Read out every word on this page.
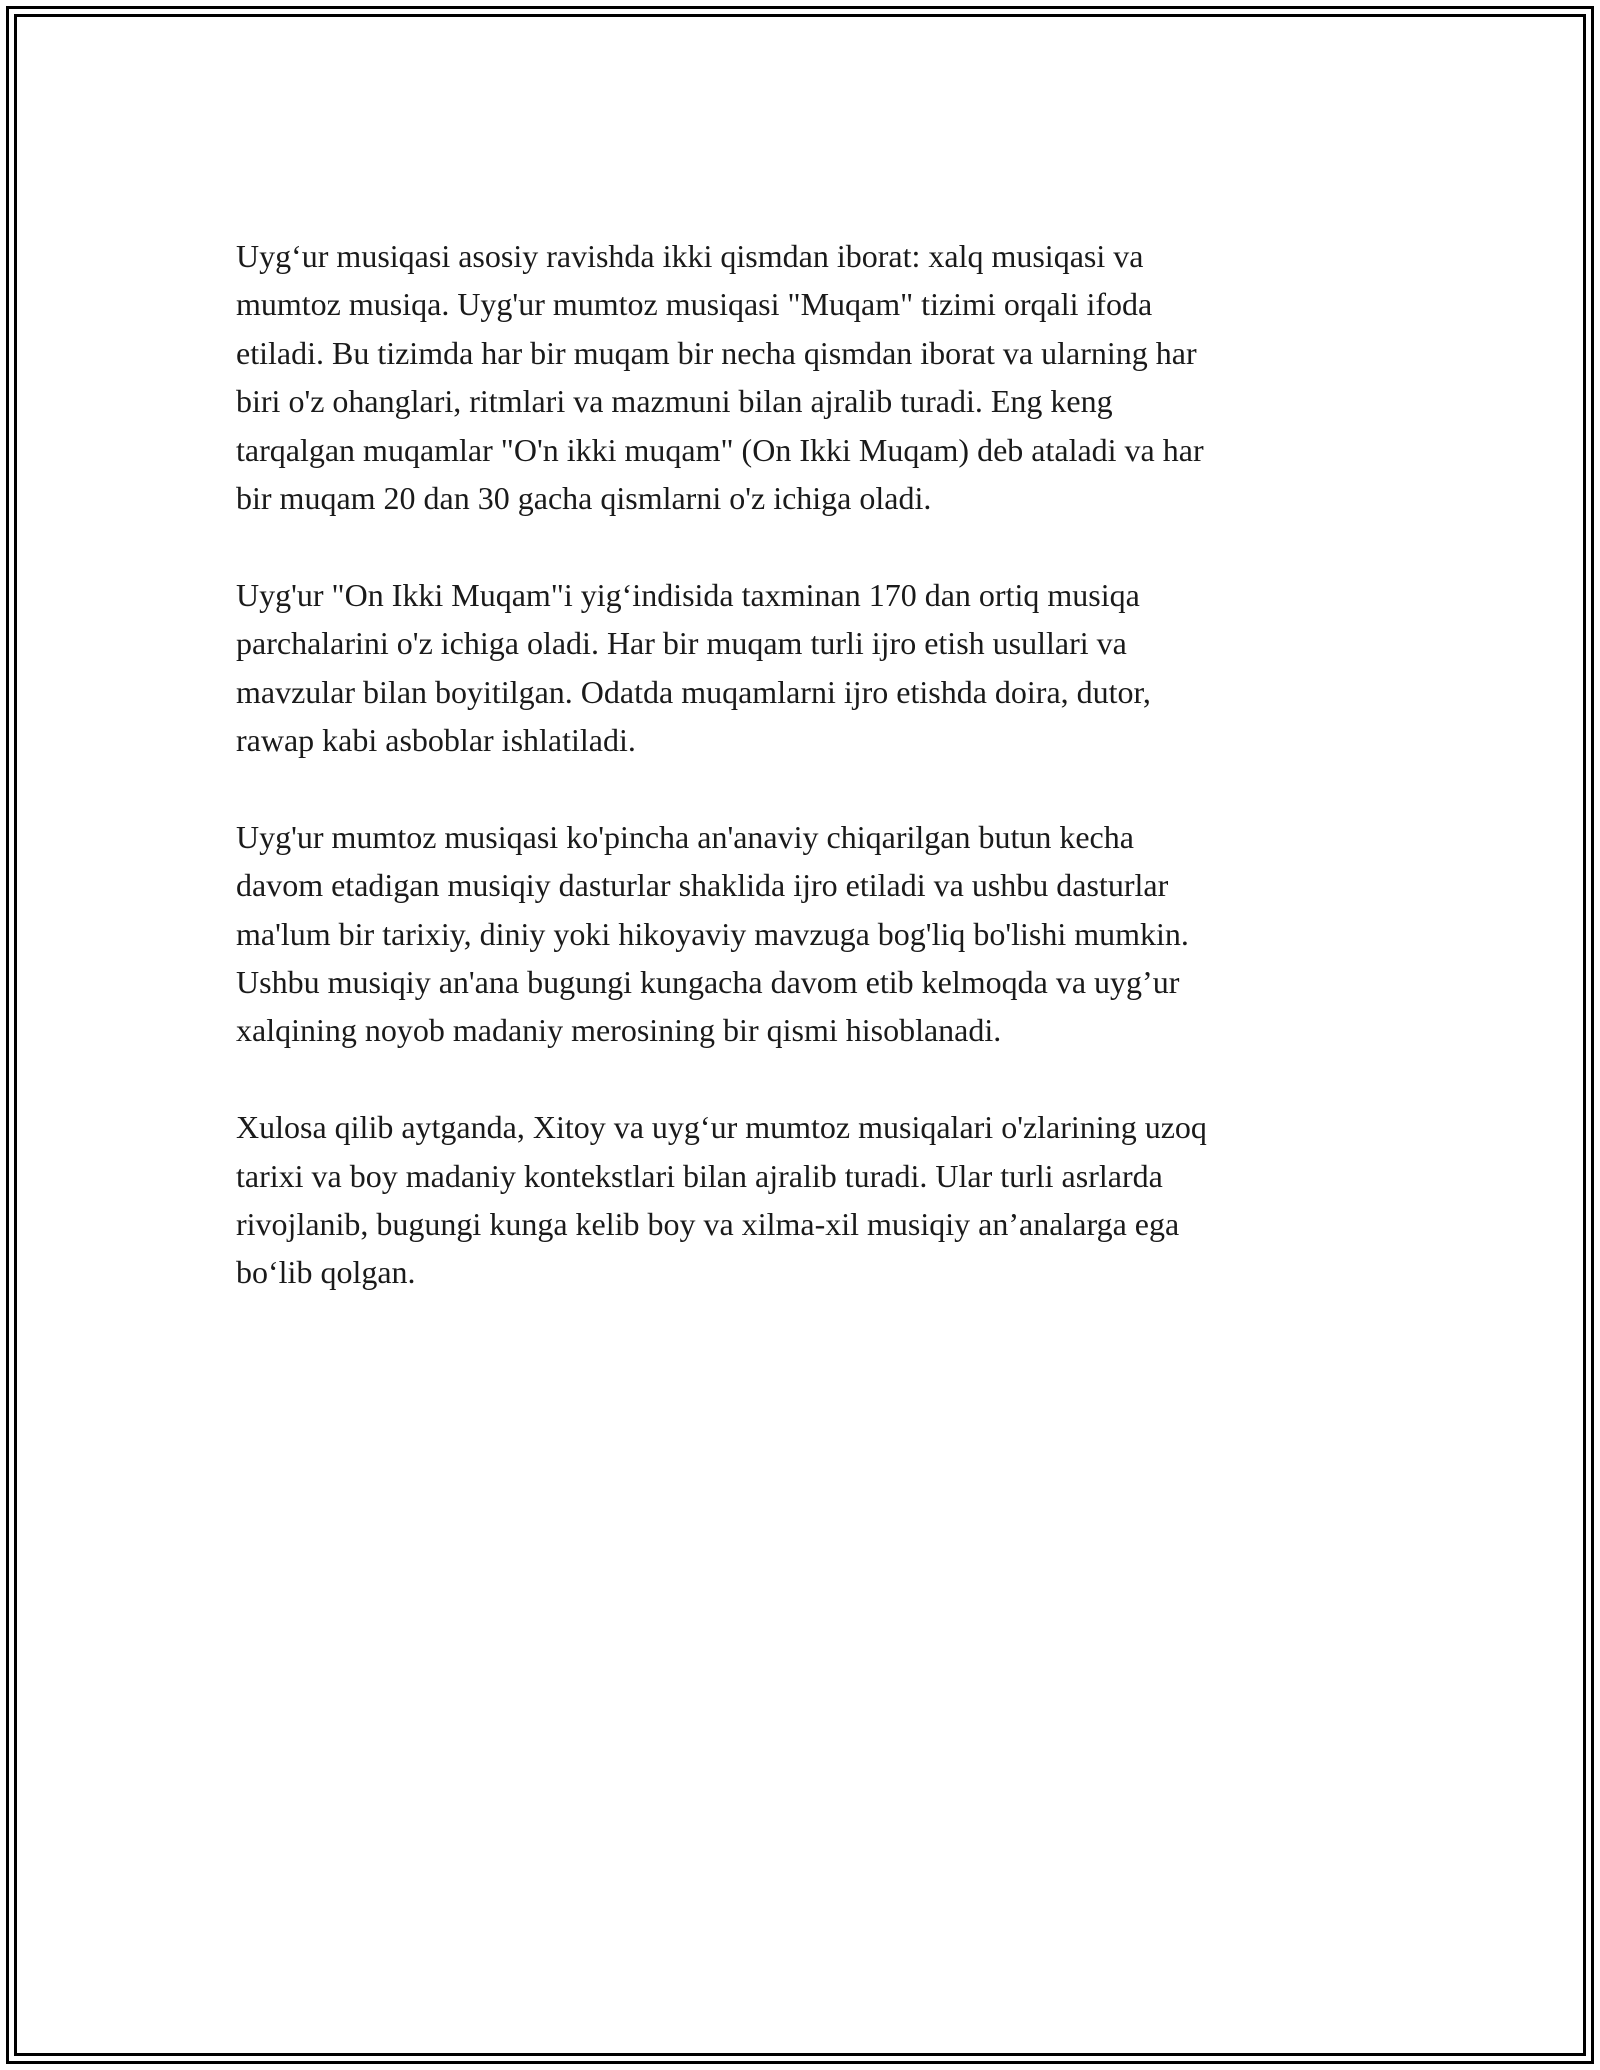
Uyg‘ur musiqasi asosiy ravishda ikki qismdan iborat: xalq musiqasi va
mumtoz musiqa. Uyg'ur mumtoz musiqasi "Muqam" tizimi orqali ifoda
etiladi. Bu tizimda har bir muqam bir necha qismdan iborat va ularning har
biri o'z ohanglari, ritmlari va mazmuni bilan ajralib turadi. Eng keng
tarqalgan muqamlar "O'n ikki muqam" (On Ikki Muqam) deb ataladi va har
bir muqam 20 dan 30 gacha qismlarni o'z ichiga oladi.

Uyg'ur "On Ikki Muqam"i yig‘indisida taxminan 170 dan ortiq musiqa
parchalarini o'z ichiga oladi. Har bir muqam turli ijro etish usullari va
mavzular bilan boyitilgan. Odatda muqamlarni ijro etishda doira, dutor,
rawap kabi asboblar ishlatiladi.

Uyg'ur mumtoz musiqasi ko'pincha an'anaviy chiqarilgan butun kecha
davom etadigan musiqiy dasturlar shaklida ijro etiladi va ushbu dasturlar
ma'lum bir tarixiy, diniy yoki hikoyaviy mavzuga bog'liq bo'lishi mumkin.
Ushbu musiqiy an'ana bugungi kungacha davom etib kelmoqda va uyg’ur
xalqining noyob madaniy merosining bir qismi hisoblanadi.

Xulosa qilib aytganda, Xitoy va uyg‘ur mumtoz musiqalari o'zlarining uzoq
tarixi va boy madaniy kontekstlari bilan ajralib turadi. Ular turli asrlarda
rivojlanib, bugungi kunga kelib boy va xilma-xil musiqiy an’analarga ega
bo‘lib qolgan.
